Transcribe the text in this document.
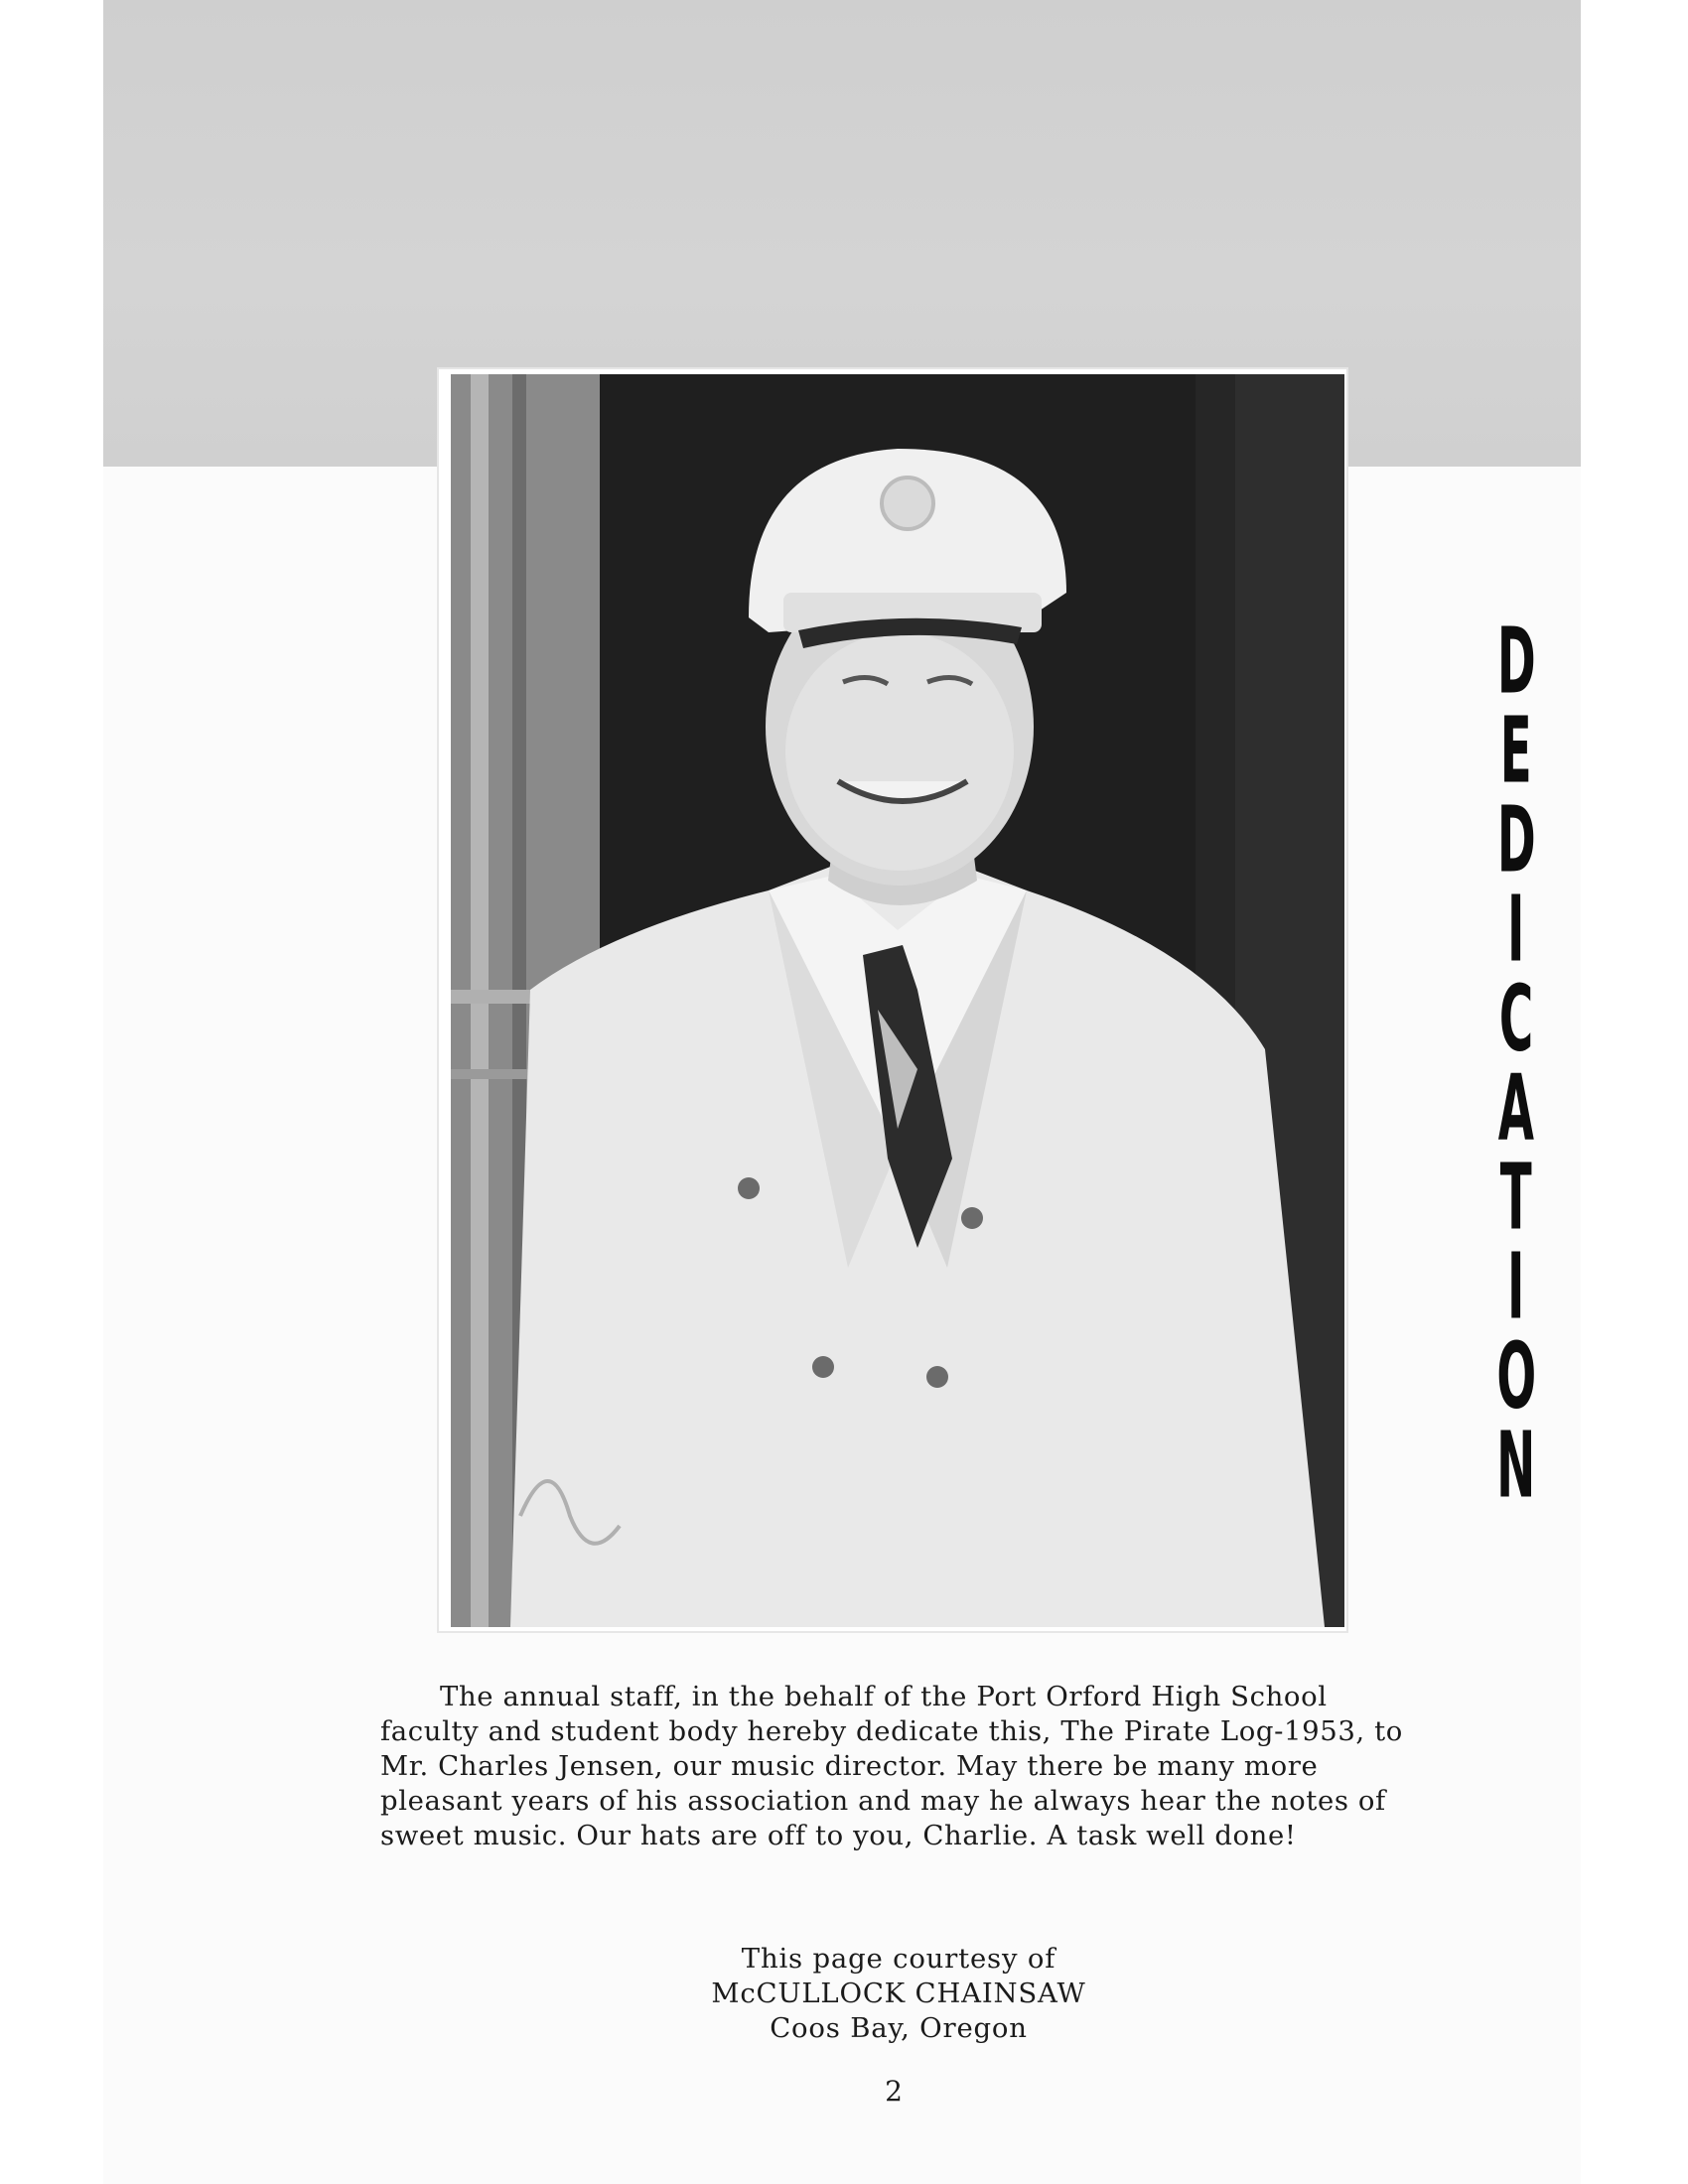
D
E
D
I
C
A
T
I
O
N

The annual staff, in the behalf of the Port Orford High School faculty and student body hereby dedicate this, The Pirate Log-1953, to Mr. Charles Jensen, our music director. May there be many more pleasant years of his association and may he always hear the notes of sweet music. Our hats are off to you, Charlie. A task well done!

This page courtesy of
McCULLOCK CHAINSAW
Coos Bay, Oregon
2
